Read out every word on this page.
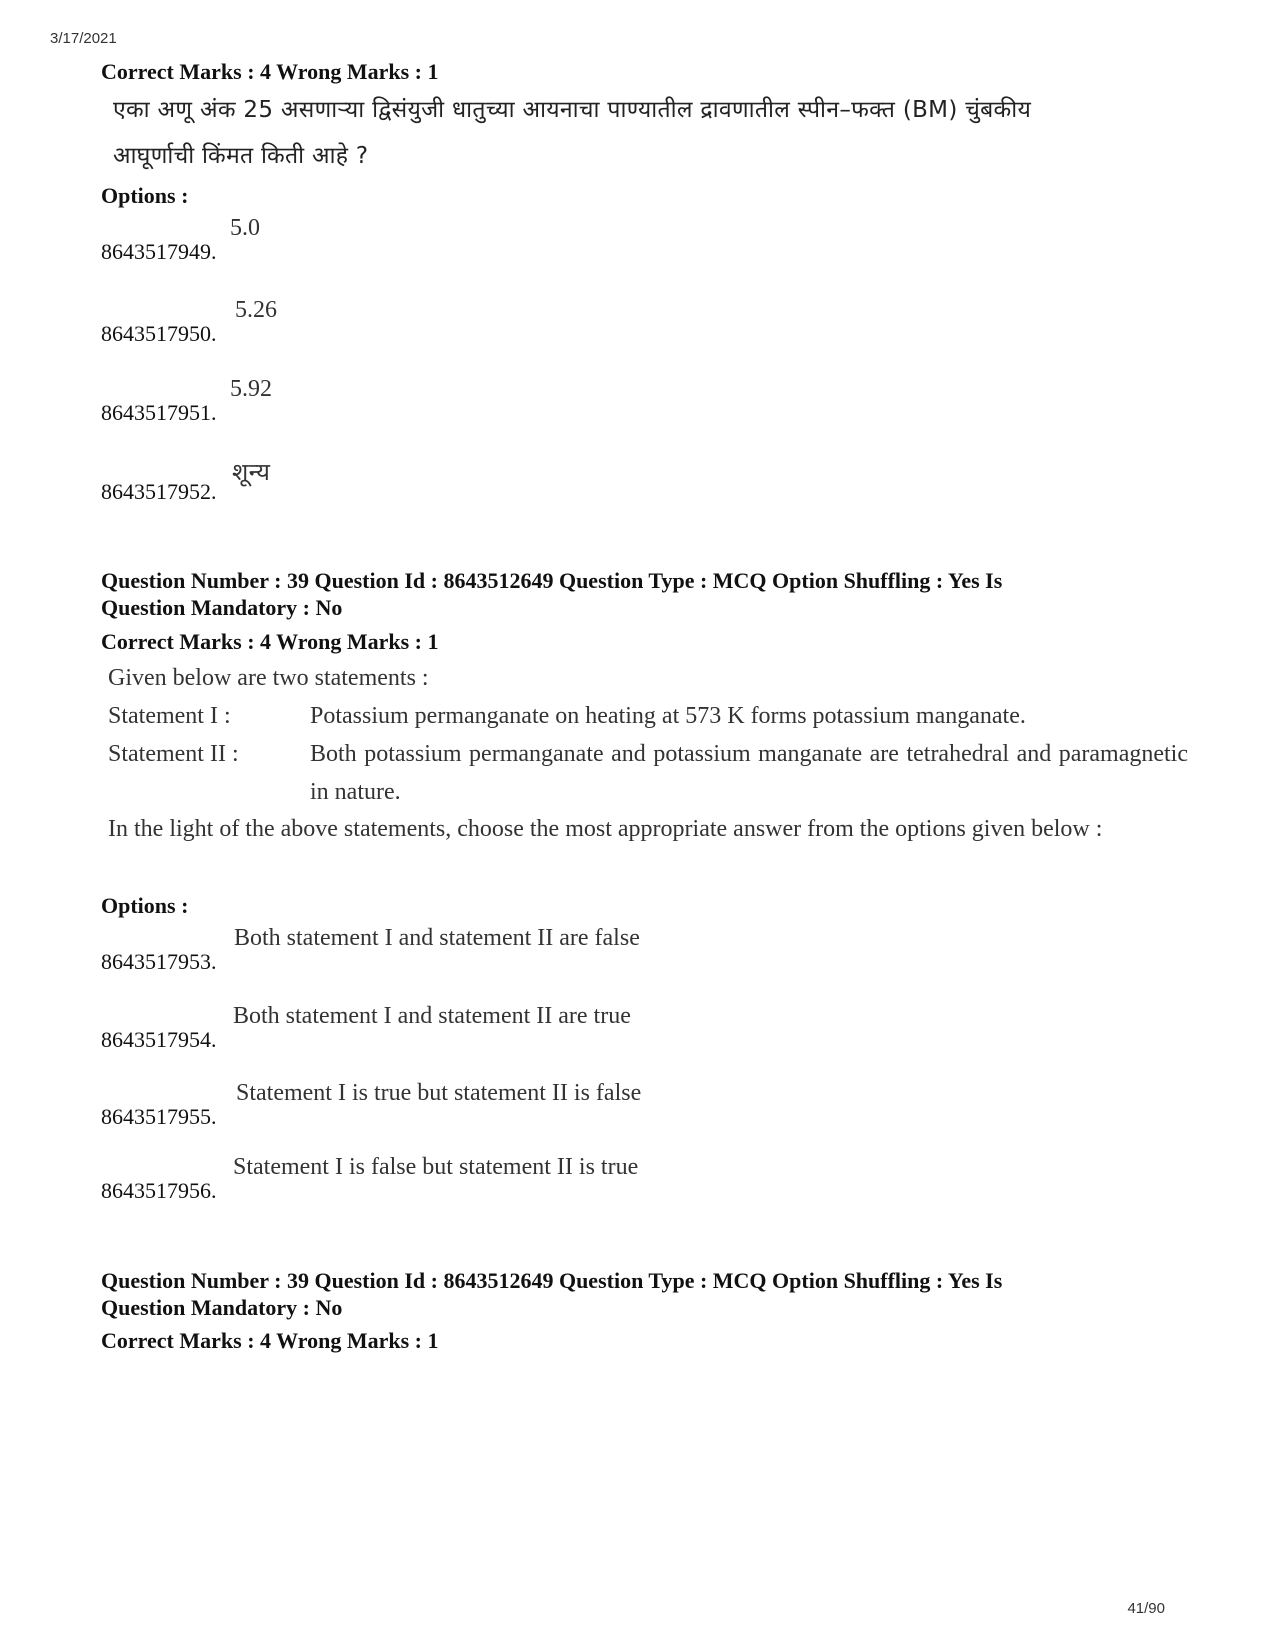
3/17/2021
Correct Marks : 4 Wrong Marks : 1
एका अणू अंक 25 असणाऱ्या द्विसंयुजी धातुच्या आयनाचा पाण्यातील द्रावणातील स्पीन–फक्त (BM) चुंबकीय
आघूर्णाची किंमत किती आहे ?
Options :
8643517949.
5.0
8643517950.
5.26
8643517951.
5.92
8643517952.
शून्य
Question Number : 39 Question Id : 8643512649 Question Type : MCQ Option Shuffling : Yes Is
Question Mandatory : No
Correct Marks : 4 Wrong Marks : 1
Given below are two statements :
Statement I :	Potassium permanganate on heating at 573 K forms potassium manganate.
Statement II :	Both potassium permanganate and potassium manganate are tetrahedral and paramagnetic in nature.
In the light of the above statements, choose the most appropriate answer from the options given below :
Options :
8643517953.
Both statement I and statement II are false
8643517954.
Both statement I and statement II are true
8643517955.
Statement I is true but statement II is false
8643517956.
Statement I is false but statement II is true
Question Number : 39 Question Id : 8643512649 Question Type : MCQ Option Shuffling : Yes Is
Question Mandatory : No
Correct Marks : 4 Wrong Marks : 1
41/90
